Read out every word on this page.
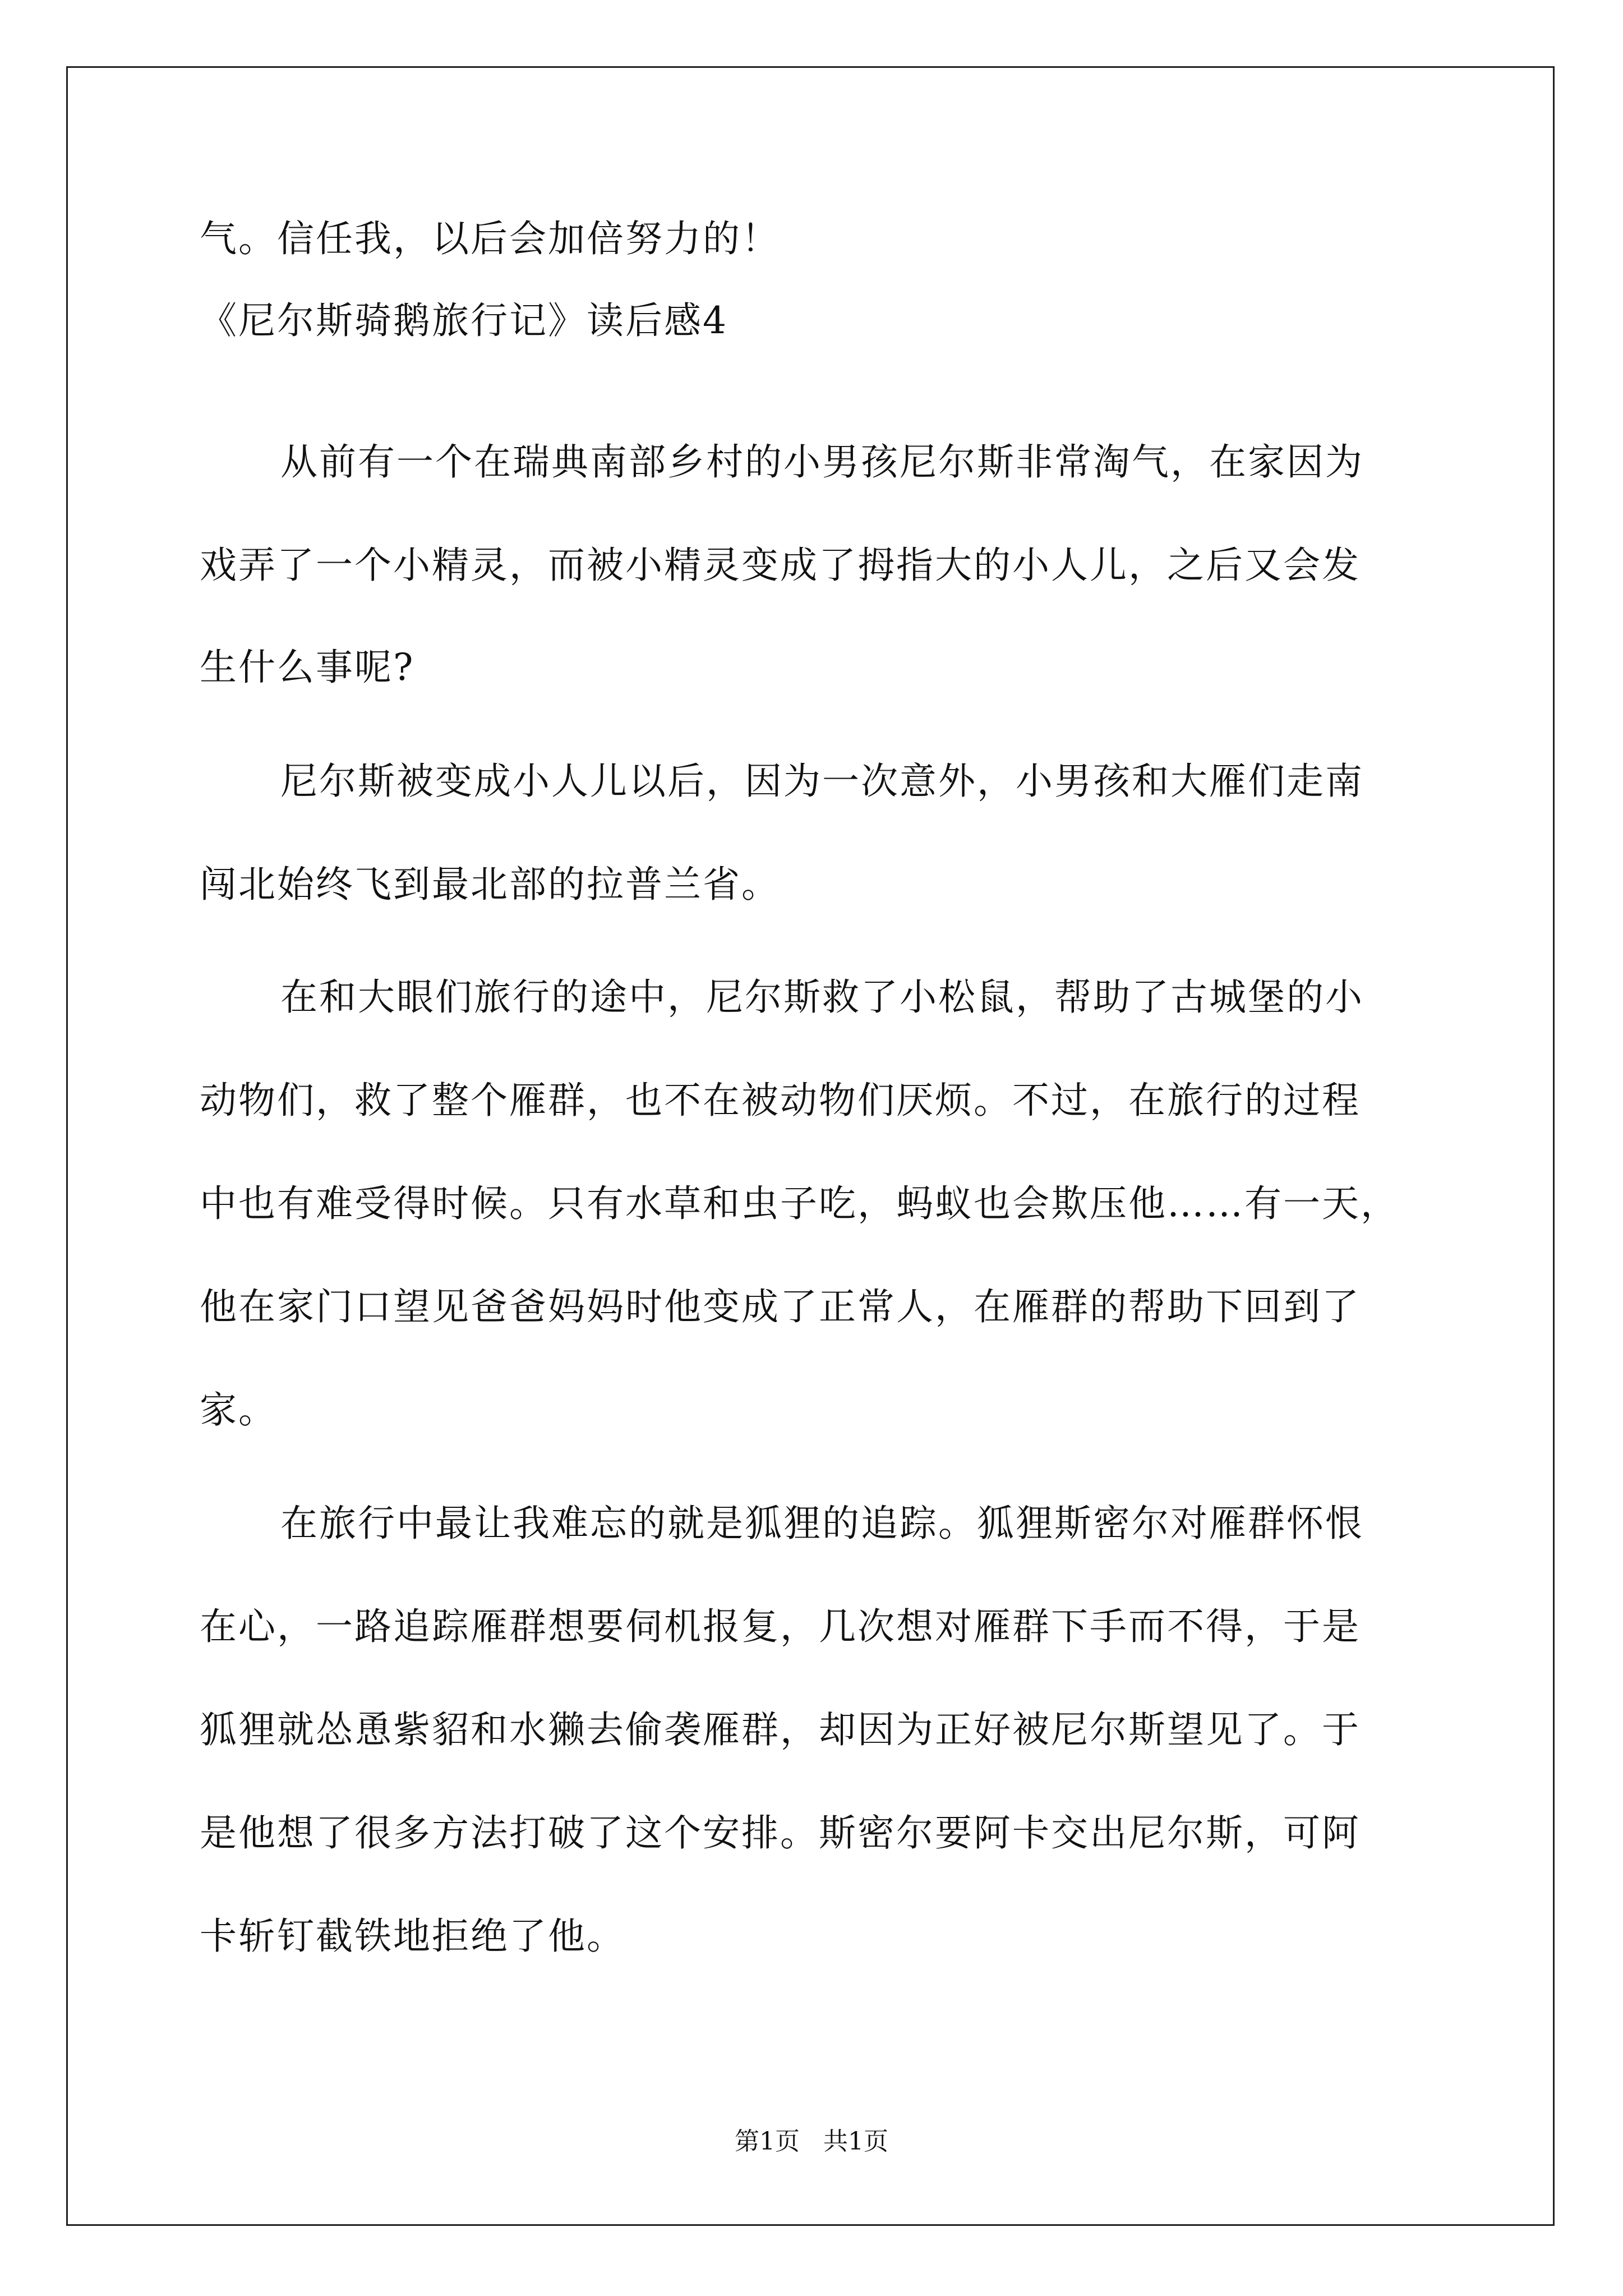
气。信任我，以后会加倍努力的！
《尼尔斯骑鹅旅行记》读后感4
从前有一个在瑞典南部乡村的小男孩尼尔斯非常淘气，在家因为
戏弄了一个小精灵，而被小精灵变成了拇指大的小人儿，之后又会发
生什么事呢?
尼尔斯被变成小人儿以后，因为一次意外，小男孩和大雁们走南
闯北始终飞到最北部的拉普兰省。
在和大眼们旅行的途中，尼尔斯救了小松鼠，帮助了古城堡的小
动物们，救了整个雁群，也不在被动物们厌烦。不过，在旅行的过程
中也有难受得时候。只有水草和虫子吃，蚂蚁也会欺压他……有一天，
他在家门口望见爸爸妈妈时他变成了正常人，在雁群的帮助下回到了
家。
在旅行中最让我难忘的就是狐狸的追踪。狐狸斯密尔对雁群怀恨
在心，一路追踪雁群想要伺机报复，几次想对雁群下手而不得，于是
狐狸就怂恿紫貂和水獭去偷袭雁群，却因为正好被尼尔斯望见了。于
是他想了很多方法打破了这个安排。斯密尔要阿卡交出尼尔斯，可阿
卡斩钉截铁地拒绝了他。
第1页   共1页
